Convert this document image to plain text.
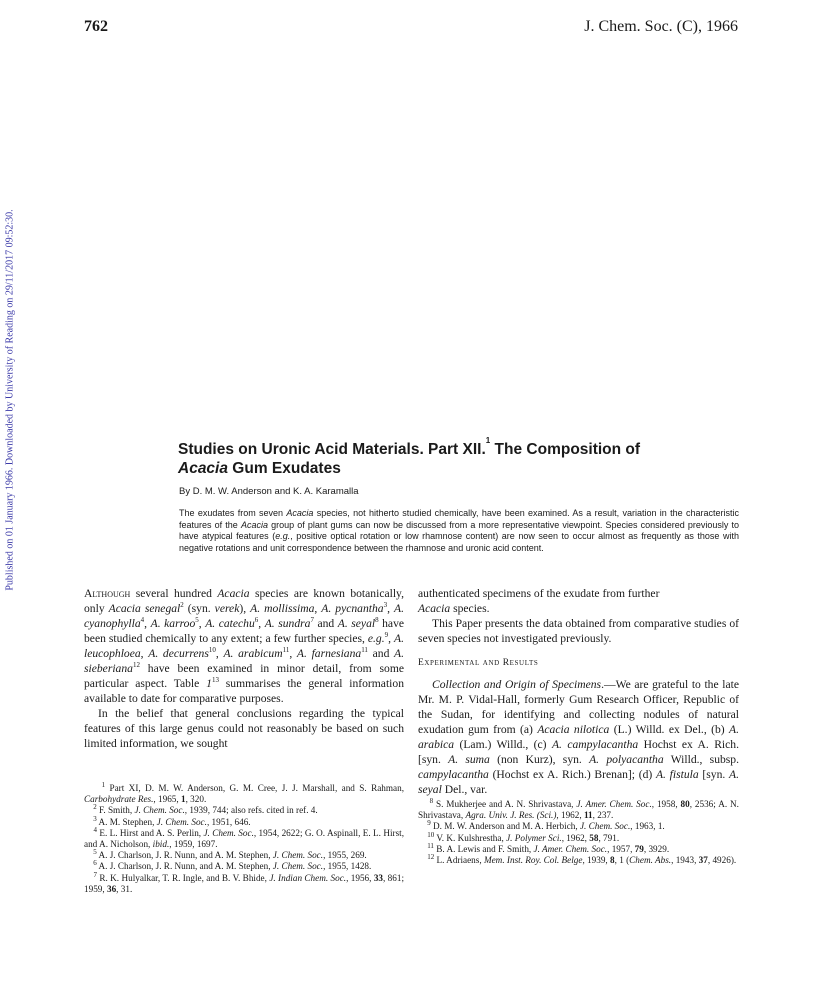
762	J. Chem. Soc. (C), 1966
Published on 01 January 1966. Downloaded by University of Reading on 29/11/2017 09:52:30.	Studies on Uronic Acid Materials. Part XII.$^1$ The Composition of
Acacia Gum Exudates
By D. M. W. Anderson and K. A. Karamalla
The exudates from seven Acacia species, not hitherto studied chemically, have been examined. As a result, variation in the characteristic features of the Acacia group of plant gums can now be discussed from a more representative viewpoint. Species considered previously to have atypical features (e.g., positive optical rotation or low rhamnose content) are now seen to occur almost as frequently as those with negative rotations and unit correspondence between the rhamnose and uronic acid content.

Although several hundred Acacia species are known botanically, only Acacia senegal$^2$ (syn. verek), A. mollissima, A. pycnantha$^3$, A. cyanophylla$^4$, A. karroo$^5$, A. catechu$^6$, A. sundra$^7$ and A. seyal$^8$ have been studied chemically to any extent; a few further species, e.g.$^9$, A. leucophloea, A. decurrens$^{10}$, A. arabicum$^{11}$, A. farnesiana$^{11}$ and A. sieberiana$^{12}$ have been examined in minor detail, from some particular aspect. Table $1^{13}$ summarises the general information available to date for comparative purposes.

In the belief that general conclusions regarding the typical features of this large genus could not reasonably be based on such limited information, we sought

authenticated specimens of the exudate from further
Acacia species.

This Paper presents the data obtained from comparative studies of seven species not investigated previously.

Experimental and Results

Collection and Origin of Specimens.—We are grateful to the late Mr. M. P. Vidal-Hall, formerly Gum Research Officer, Republic of the Sudan, for identifying and collecting nodules of natural exudation gum from (a) Acacia nilotica (L.) Willd. ex Del., (b) A. arabica (Lam.) Willd., (c) A. campylacantha Hochst ex A. Rich. [syn. A. suma (non Kurz), syn. A. polyacantha Willd., subsp. campylacantha (Hochst ex A. Rich.) Brenan]; (d) A. fistula [syn. A. seyal Del., var.

$^1$ Part XI, D. M. W. Anderson, G. M. Cree, J. J. Marshall, and S. Rahman, Carbohydrate Res., 1965, 1, 320.

$^2$ F. Smith, J. Chem. Soc., 1939, 744; also refs. cited in ref. 4.

$^3$ A. M. Stephen, J. Chem. Soc., 1951, 646.

$^4$ E. L. Hirst and A. S. Perlin, J. Chem. Soc., 1954, 2622; G. O. Aspinall, E. L. Hirst, and A. Nicholson, ibid., 1959, 1697.

$^5$ A. J. Charlson, J. R. Nunn, and A. M. Stephen, J. Chem. Soc., 1955, 269.

$^6$ A. J. Charlson, J. R. Nunn, and A. M. Stephen, J. Chem. Soc., 1955, 1428.

$^7$ R. K. Hulyalkar, T. R. Ingle, and B. V. Bhide, J. Indian Chem. Soc., 1956, 33, 861; 1959, 36, 31.

$^8$ S. Mukherjee and A. N. Shrivastava, J. Amer. Chem. Soc., 1958, 80, 2536; A. N. Shrivastava, Agra. Univ. J. Res. (Sci.), 1962, 11, 237.

$^9$ D. M. W. Anderson and M. A. Herbich, J. Chem. Soc., 1963, 1.

$^{10}$ V. K. Kulshrestha, J. Polymer Sci., 1962, 58, 791.

$^{11}$ B. A. Lewis and F. Smith, J. Amer. Chem. Soc., 1957, 79, 3929.

$^{12}$ L. Adriaens, Mem. Inst. Roy. Col. Belge, 1939, 8, 1 (Chem. Abs., 1943, 37, 4926).
